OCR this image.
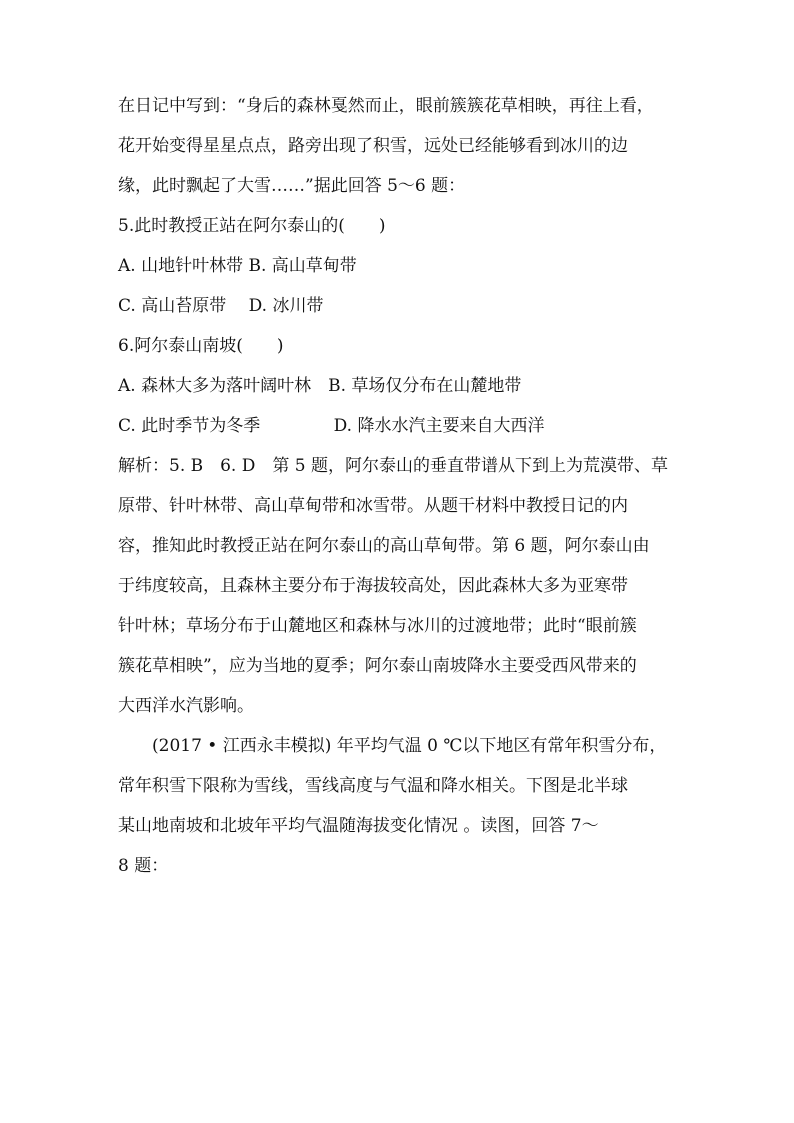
在日记中写到：“身后的森林戛然而止，眼前簇簇花草相映，再往上看，

花开始变得星星点点，路旁出现了积雪，远处已经能够看到冰川的边

缘，此时飘起了大雪……”据此回答 5～6 题：

5.此时教授正站在阿尔泰山的(　　)

A. 山地针叶林带 B. 高山草甸带

C. 高山苔原带　 D. 冰川带

6.阿尔泰山南坡(　　)

A. 森林大多为落叶阔叶林　B. 草场仅分布在山麓地带

C. 此时季节为冬季　　　　 D. 降水水汽主要来自大西洋

解析：5. B　6. D　第 5 题，阿尔泰山的垂直带谱从下到上为荒漠带、草

原带、针叶林带、高山草甸带和冰雪带。从题干材料中教授日记的内

容，推知此时教授正站在阿尔泰山的高山草甸带。第 6 题，阿尔泰山由

于纬度较高，且森林主要分布于海拔较高处，因此森林大多为亚寒带

针叶林；草场分布于山麓地区和森林与冰川的过渡地带；此时“眼前簇

簇花草相映”，应为当地的夏季；阿尔泰山南坡降水主要受西风带来的

大西洋水汽影响。

(2017 • 江西永丰模拟) 年平均气温 0 ℃以下地区有常年积雪分布，

常年积雪下限称为雪线，雪线高度与气温和降水相关。下图是北半球

某山地南坡和北坡年平均气温随海拔变化情况 。读图，回答 7～

8 题：
